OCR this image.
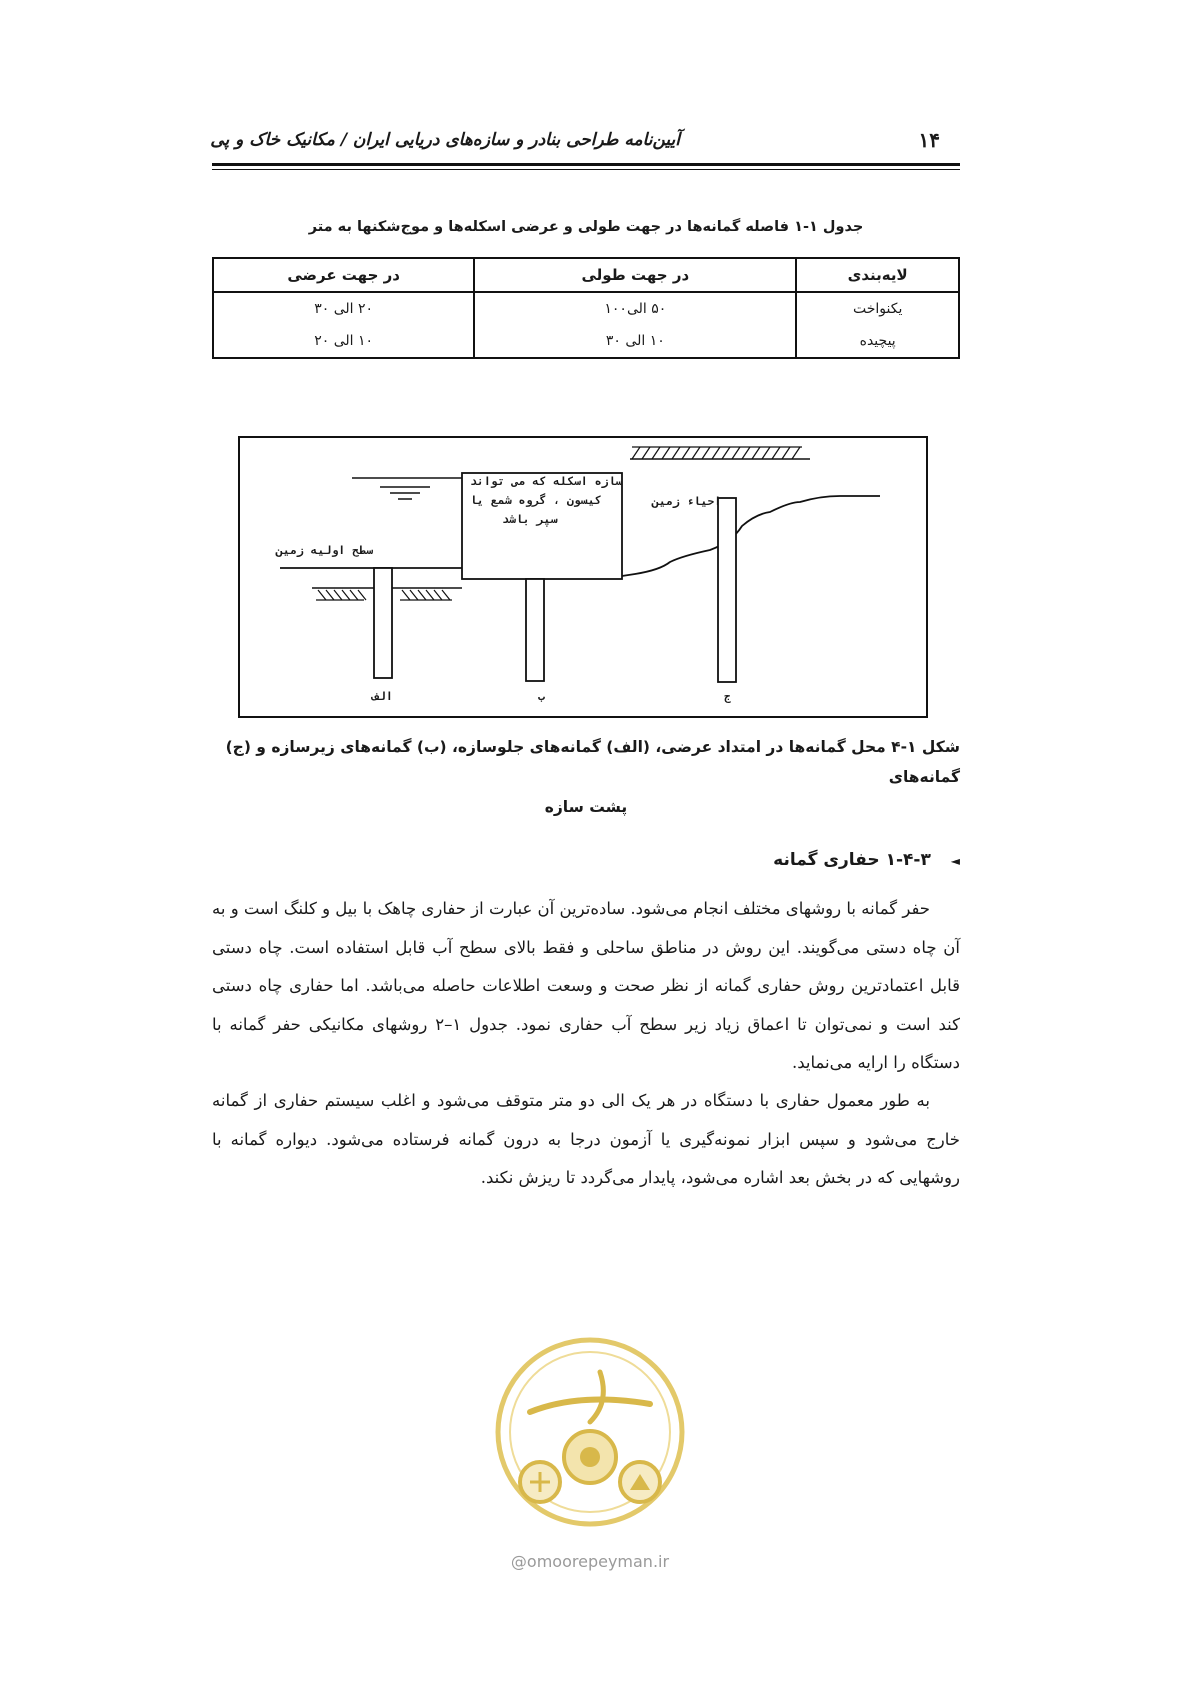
آیین‌نامه طراحی بنادر و سازه‌های دریایی ایران / مکانیک خاک و پی	۱۴
جدول ۱-۱ فاصله گمانه‌ها در جهت طولی و عرضی اسکله‌ها و موج‌شکنها به متر
لایه‌بندی	در جهت طولی	در جهت عرضی
یکنواخت	۵۰ الی۱۰۰	۲۰ الی ۳۰
پیچیده	۱۰ الی ۳۰	۱۰ الی ۲۰
سازه اسکله که می تواند
کیسون ، گروه شمع یا
سپر باشد
احیاء زمین
سطح اولیه زمین
الف	ب	ج
شکل ۱-۴ محل گمانه‌ها در امتداد عرضی، (الف) گمانه‌های جلوسازه، (ب) گمانه‌های زیرسازه و (ج) گمانه‌های
پشت سازه
◄ ۱-۴-۳ حفاری گمانه

حفر گمانه با روشهای مختلف انجام می‌شود. ساده‌ترین آن عبارت از حفاری چاهک با بیل و کلنگ است و به آن چاه دستی می‌گویند. این روش در مناطق ساحلی و فقط بالای سطح آب قابل استفاده است. چاه دستی قابل اعتمادترین روش حفاری گمانه از نظر صحت و وسعت اطلاعات حاصله می‌باشد. اما حفاری چاه دستی کند است و نمی‌توان تا اعماق زیاد زیر سطح آب حفاری نمود. جدول ۱–۲ روشهای مکانیکی حفر گمانه با دستگاه را ارایه می‌نماید.

به طور معمول حفاری با دستگاه در هر یک الی دو متر متوقف می‌شود و اغلب سیستم حفاری از گمانه خارج می‌شود و سپس ابزار نمونه‌گیری یا آزمون درجا به درون گمانه فرستاده می‌شود. دیواره گمانه با روشهایی که در بخش بعد اشاره می‌شود، پایدار می‌گردد تا ریزش نکند.

@omoorepeyman.ir
